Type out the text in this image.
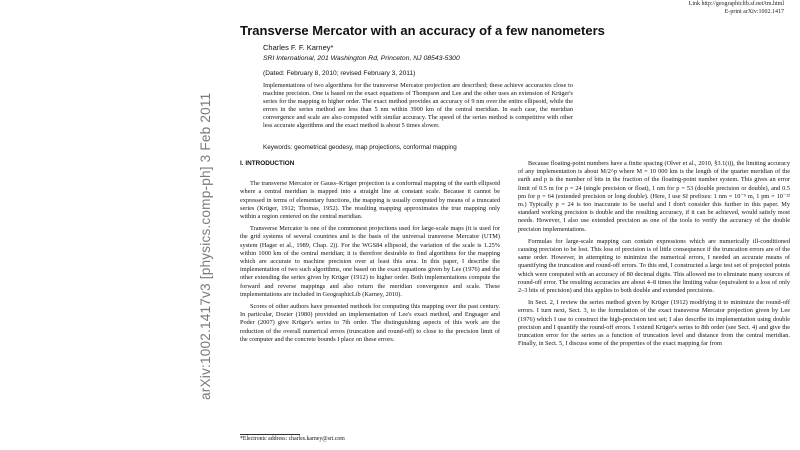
Link http://geographiclib.sf.net/tm.html
E-print arXiv:1002.1417
arXiv:1002.1417v3 [physics.comp-ph] 3 Feb 2011
Transverse Mercator with an accuracy of a few nanometers
Charles F. F. Karney*
SRI International, 201 Washington Rd, Princeton, NJ 08543-5300
(Dated: February 8, 2010; revised February 3, 2011)
Implementations of two algorithms for the transverse Mercator projection are described; these achieve accuracies close to machine precision. One is based on the exact equations of Thompson and Lee and the other uses an extension of Krüger's series for the mapping to higher order. The exact method provides an accuracy of 9 nm over the entire ellipsoid, while the errors in the series method are less than 5 nm within 3900 km of the central meridian. In each case, the meridian convergence and scale are also computed with similar accuracy. The speed of the series method is competitive with other less accurate algorithms and the exact method is about 5 times slower.
Keywords: geometrical geodesy, map projections, conformal mapping
I. INTRODUCTION

The transverse Mercator or Gauss–Krüger projection is a conformal mapping of the earth ellipsoid where a central meridian is mapped into a straight line at constant scale. Because it cannot be expressed in terms of elementary functions, the mapping is usually computed by means of a truncated series (Krüger, 1912; Thomas, 1952). The resulting mapping approximates the true mapping only within a region centered on the central meridian.

Transverse Mercator is one of the commonest projections used for large-scale maps (it is used for the grid systems of several countries and is the basis of the universal transverse Mercator (UTM) system (Hager et al., 1989, Chap. 2)). For the WGS84 ellipsoid, the variation of the scale is 1.25% within 1000 km of the central meridian; it is therefore desirable to find algorithms for the mapping which are accurate to machine precision over at least this area. In this paper, I describe the implementation of two such algorithms, one based on the exact equations given by Lee (1976) and the other extending the series given by Krüger (1912) to higher order. Both implementations compute the forward and reverse mappings and also return the meridian convergence and scale. These implementations are included in GeographicLib (Karney, 2010).

Scores of other authors have presented methods for computing this mapping over the past century. In particular, Dozier (1980) provided an implementation of Lee's exact method, and Engsager and Poder (2007) give Krüger's series to 7th order. The distinguishing aspects of this work are the reduction of the overall numerical errors (truncation and round-off) to close to the precision limit of the computer and the concrete bounds I place on these errors.

Because floating-point numbers have a finite spacing (Olver et al., 2010, §3.1(i)), the limiting accuracy of any implementation is about M/2^p where M = 10 000 km is the length of the quarter meridian of the earth and p is the number of bits in the fraction of the floating-point number system. This gives an error limit of 0.5 m for p = 24 (single precision or float), 1 nm for p = 53 (double precision or double), and 0.5 pm for p = 64 (extended precision or long double). (Here, I use SI prefixes: 1 nm = 10⁻⁹ m, 1 pm = 10⁻¹² m.) Typically p = 24 is too inaccurate to be useful and I don't consider this further in this paper. My standard working precision is double and the resulting accuracy, if it can be achieved, would satisfy most needs. However, I also use extended precision as one of the tools to verify the accuracy of the double precision implementations.

Formulas for large-scale mapping can contain expressions which are numerically ill-conditioned causing precision to be lost. This loss of precision is of little consequence if the truncation errors are of the same order. However, in attempting to minimize the numerical errors, I needed an accurate means of quantifying the truncation and round-off errors. To this end, I constructed a large test set of projected points which were computed with an accuracy of 80 decimal digits. This allowed me to eliminate many sources of round-off error. The resulting accuracies are about 4–8 times the limiting value (equivalent to a loss of only 2–3 bits of precision) and this applies to both double and extended precisions.

In Sect. 2, I review the series method given by Krüger (1912) modifying it to minimize the round-off errors. I turn next, Sect. 3, to the formulation of the exact transverse Mercator projection given by Lee (1976) which I use to construct the high-precision test set; I also describe its implementation using double precision and I quantify the round-off errors. I extend Krüger's series to 8th order (see Sect. 4) and give the truncation error for the series as a function of truncation level and distance from the central meridian. Finally, in Sect. 5, I discuss some of the properties of the exact mapping far from

*Electronic address: charles.karney@sri.com
